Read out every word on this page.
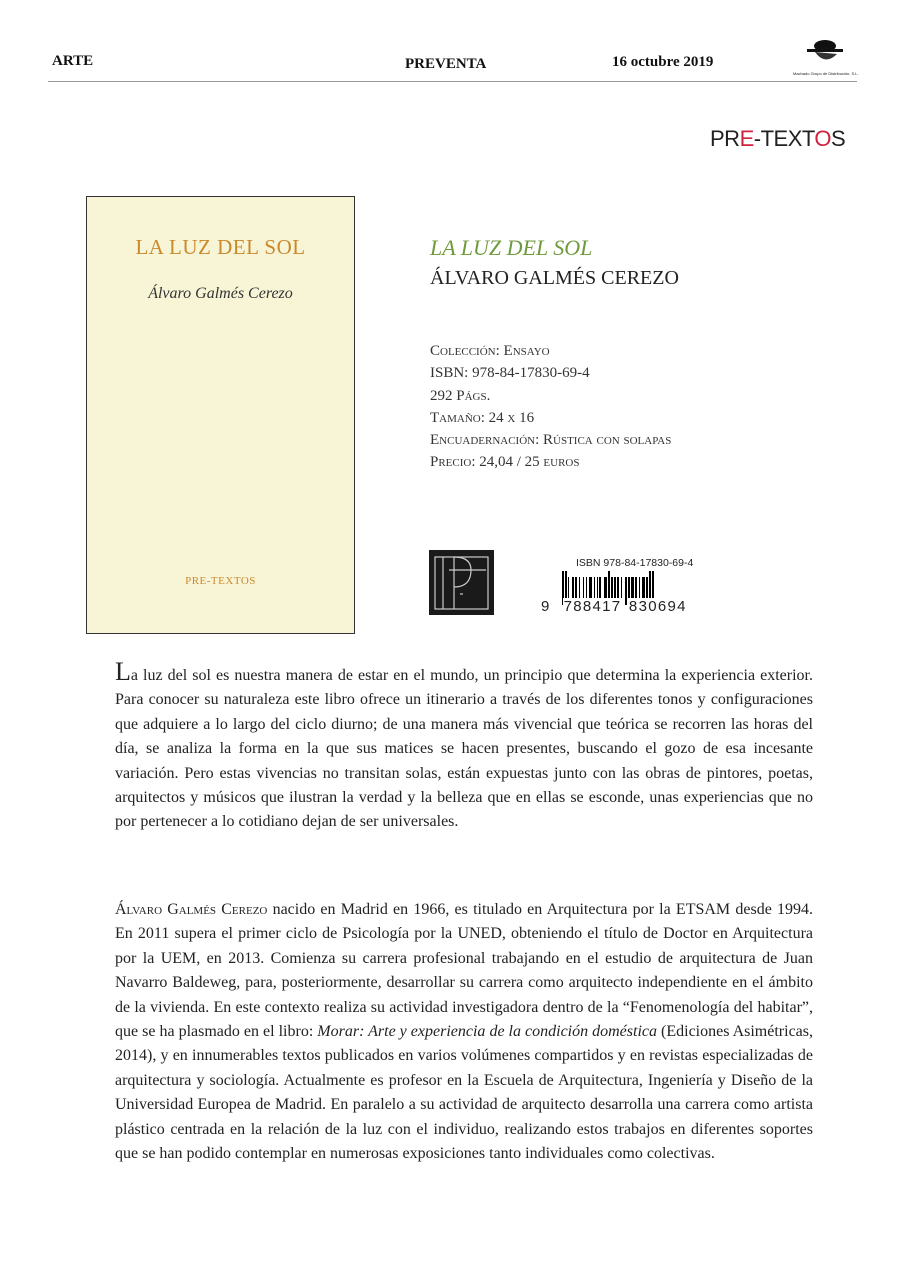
ARTE	PREVENTA	16 octubre 2019
Machado Grupo de Distribución, S.L.
PRE-TEXTOS
LA LUZ DEL SOL
Álvaro Galmés Cerezo
PRE-TEXTOS
LA LUZ DEL SOL
ÁLVARO GALMÉS CEREZO
Colección: Ensayo
ISBN: 978-84-17830-69-4
292 Págs.
Tamaño: 24 x 16
Encuadernación: Rústica con solapas
Precio: 24,04 / 25 euros
ISBN 978-84-17830-69-4
9 788417 830694
La luz del sol es nuestra manera de estar en el mundo, un principio que determina la experiencia exterior. Para conocer su naturaleza este libro ofrece un itinerario a través de los diferentes tonos y configuraciones que adquiere a lo largo del ciclo diurno; de una manera más vivencial que teórica se recorren las horas del día, se analiza la forma en la que sus matices se hacen presentes, buscando el gozo de esa incesante variación. Pero estas vivencias no transitan solas, están expuestas junto con las obras de pintores, poetas, arquitectos y músicos que ilustran la verdad y la belleza que en ellas se esconde, unas experiencias que no por pertenecer a lo cotidiano dejan de ser universales.
Álvaro Galmés Cerezo nacido en Madrid en 1966, es titulado en Arquitectura por la ETSAM desde 1994. En 2011 supera el primer ciclo de Psicología por la UNED, obteniendo el título de Doctor en Arquitectura por la UEM, en 2013. Comienza su carrera profesional trabajando en el estudio de arquitectura de Juan Navarro Baldeweg, para, posteriormente, desarrollar su carrera como arquitecto independiente en el ámbito de la vivienda. En este contexto realiza su actividad investigadora dentro de la “Fenomenología del habitar”, que se ha plasmado en el libro: Morar: Arte y experiencia de la condición doméstica (Ediciones Asimétricas, 2014), y en innumerables textos publicados en varios volúmenes compartidos y en revistas especializadas de arquitectura y sociología. Actualmente es profesor en la Escuela de Arquitectura, Ingeniería y Diseño de la Universidad Europea de Madrid. En paralelo a su actividad de arquitecto desarrolla una carrera como artista plástico centrada en la relación de la luz con el individuo, realizando estos trabajos en diferentes soportes que se han podido contemplar en numerosas exposiciones tanto individuales como colectivas.
